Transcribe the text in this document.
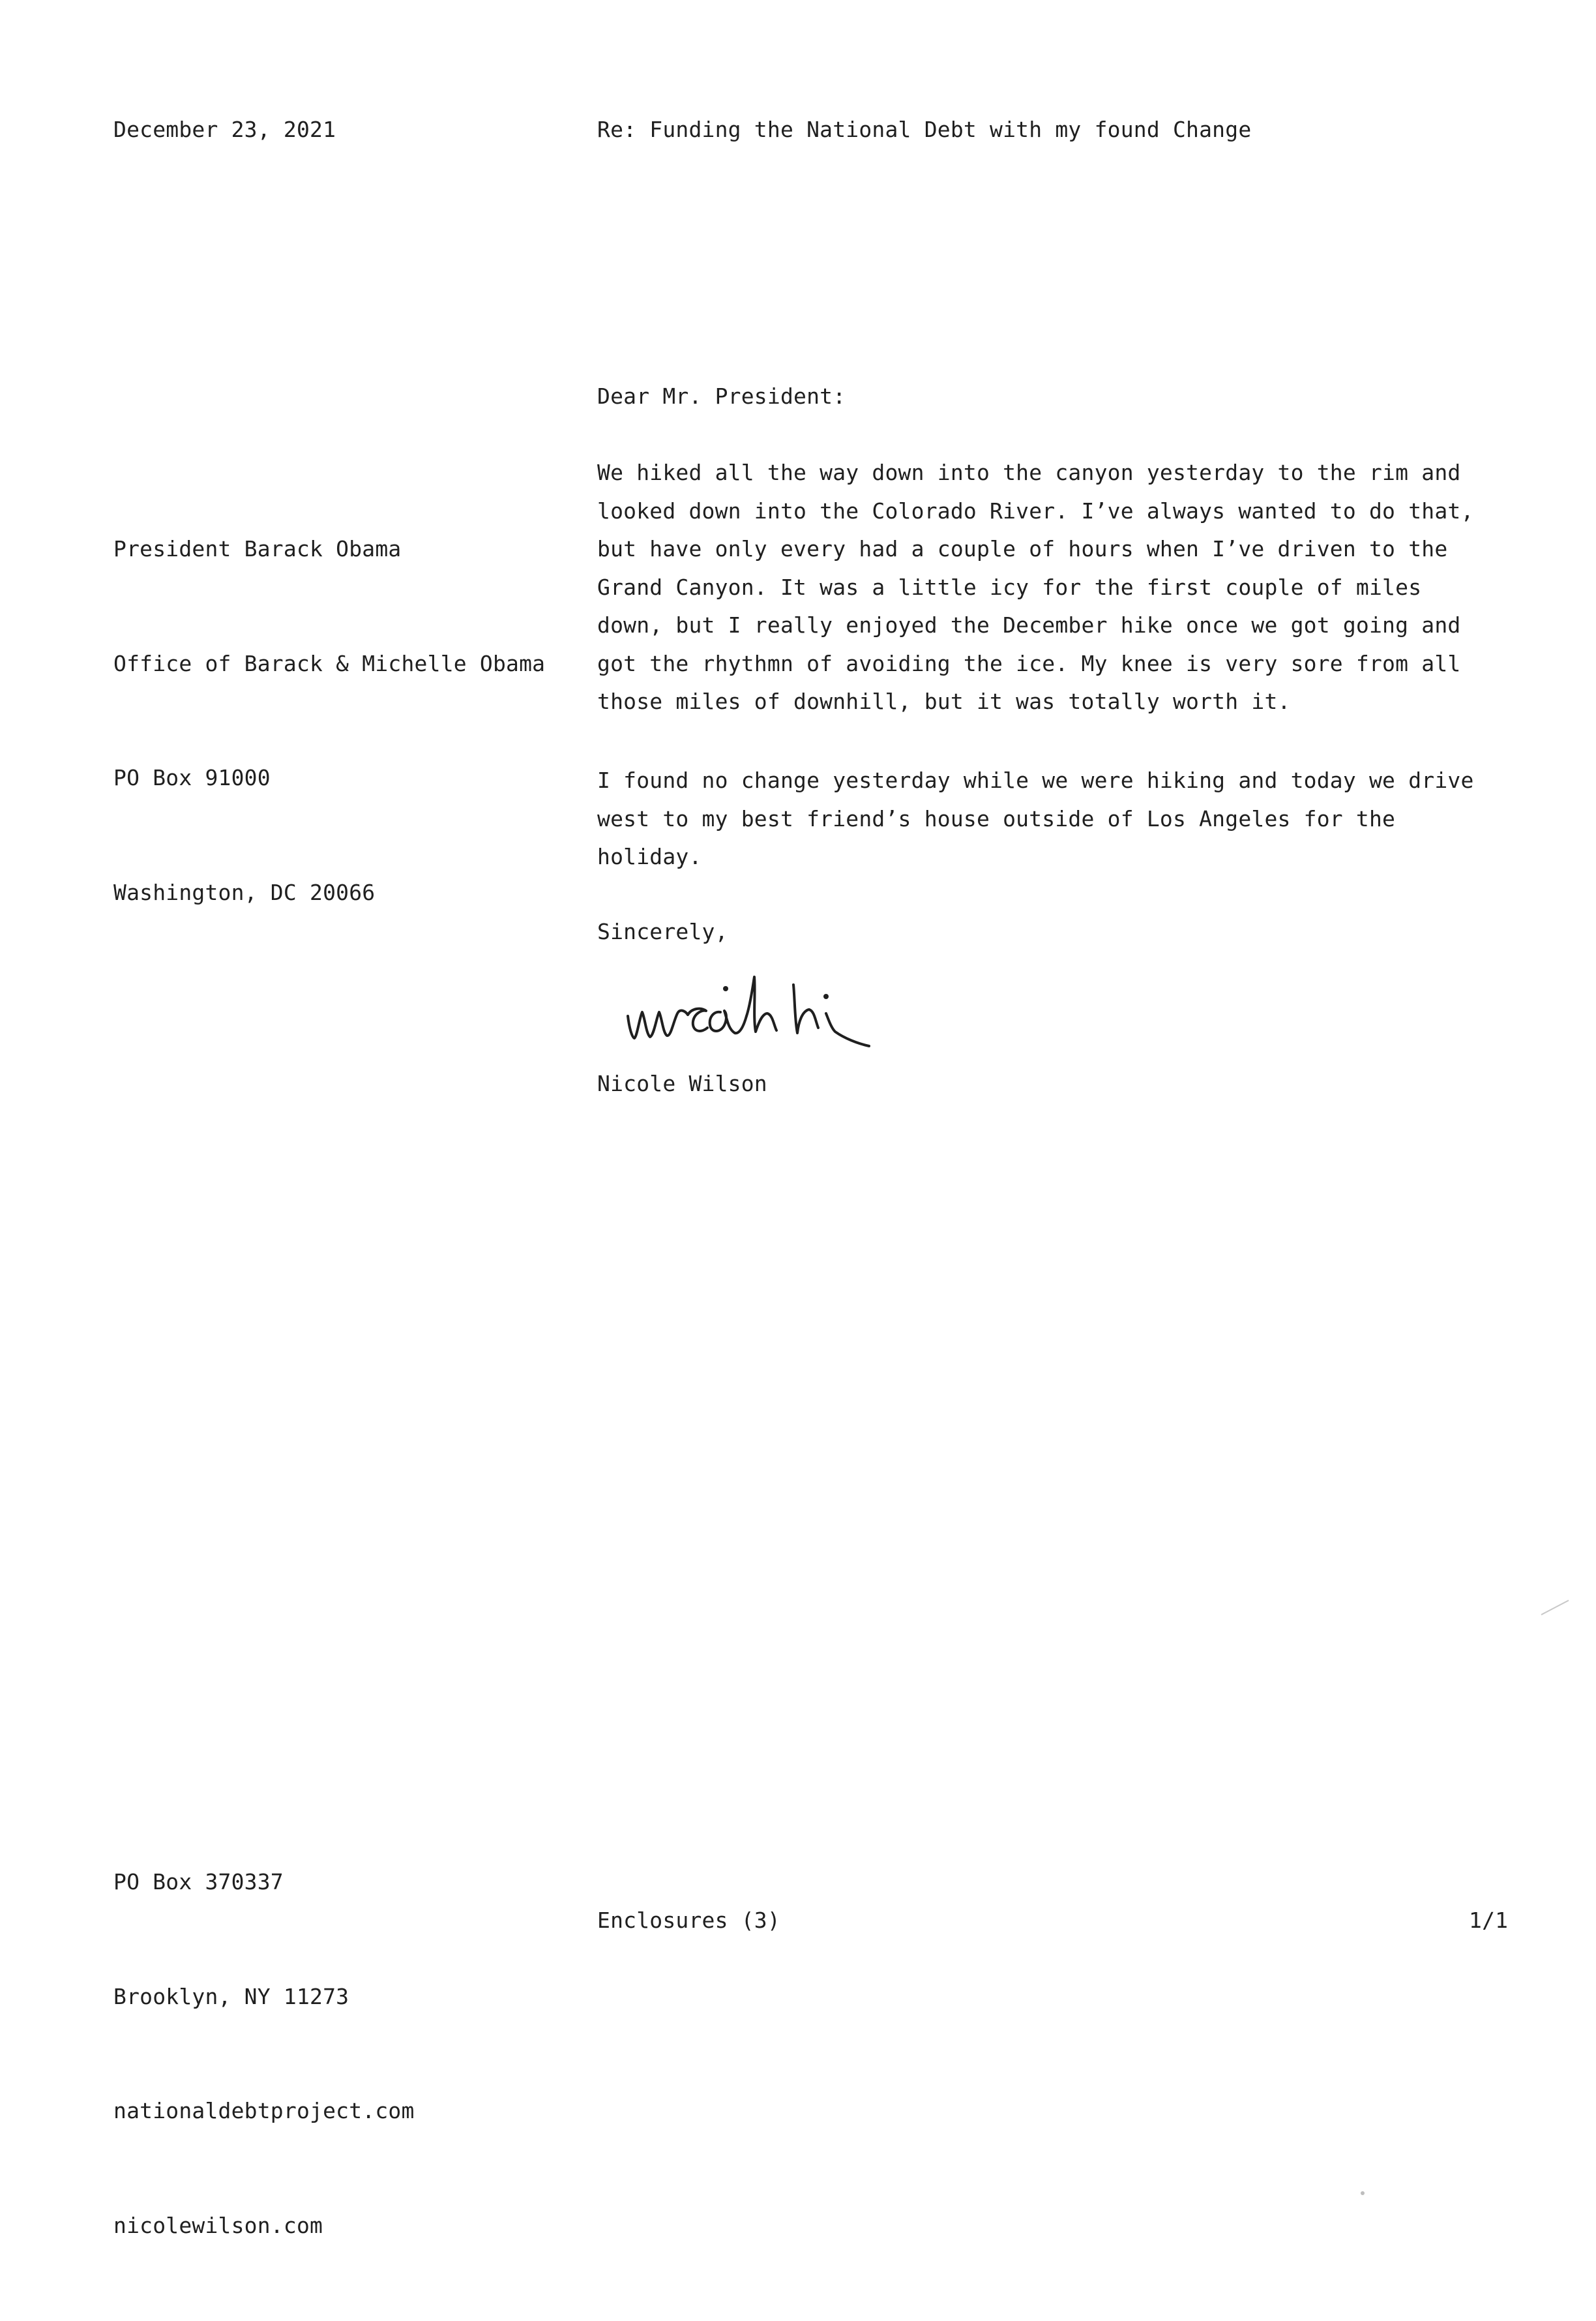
December 23, 2021	Re: Funding the National Debt with my found Change
Dear Mr. President:

President Barack Obama

Office of Barack & Michelle Obama

PO Box 91000

Washington, DC 20066

We hiked all the way down into the canyon yesterday to the rim and
looked down into the Colorado River. I’ve always wanted to do that,
but have only every had a couple of hours when I’ve driven to the
Grand Canyon. It was a little icy for the first couple of miles
down, but I really enjoyed the December hike once we got going and
got the rhythmn of avoiding the ice. My knee is very sore from all
those miles of downhill, but it was totally worth it.
I found no change yesterday while we were hiking and today we drive
west to my best friend’s house outside of Los Angeles for the
holiday.
Sincerely,
Nicole Wilson

PO Box 370337

Brooklyn, NY 11273

nationaldebtproject.com

nicolewilson.com

Enclosures (3)	1/1
